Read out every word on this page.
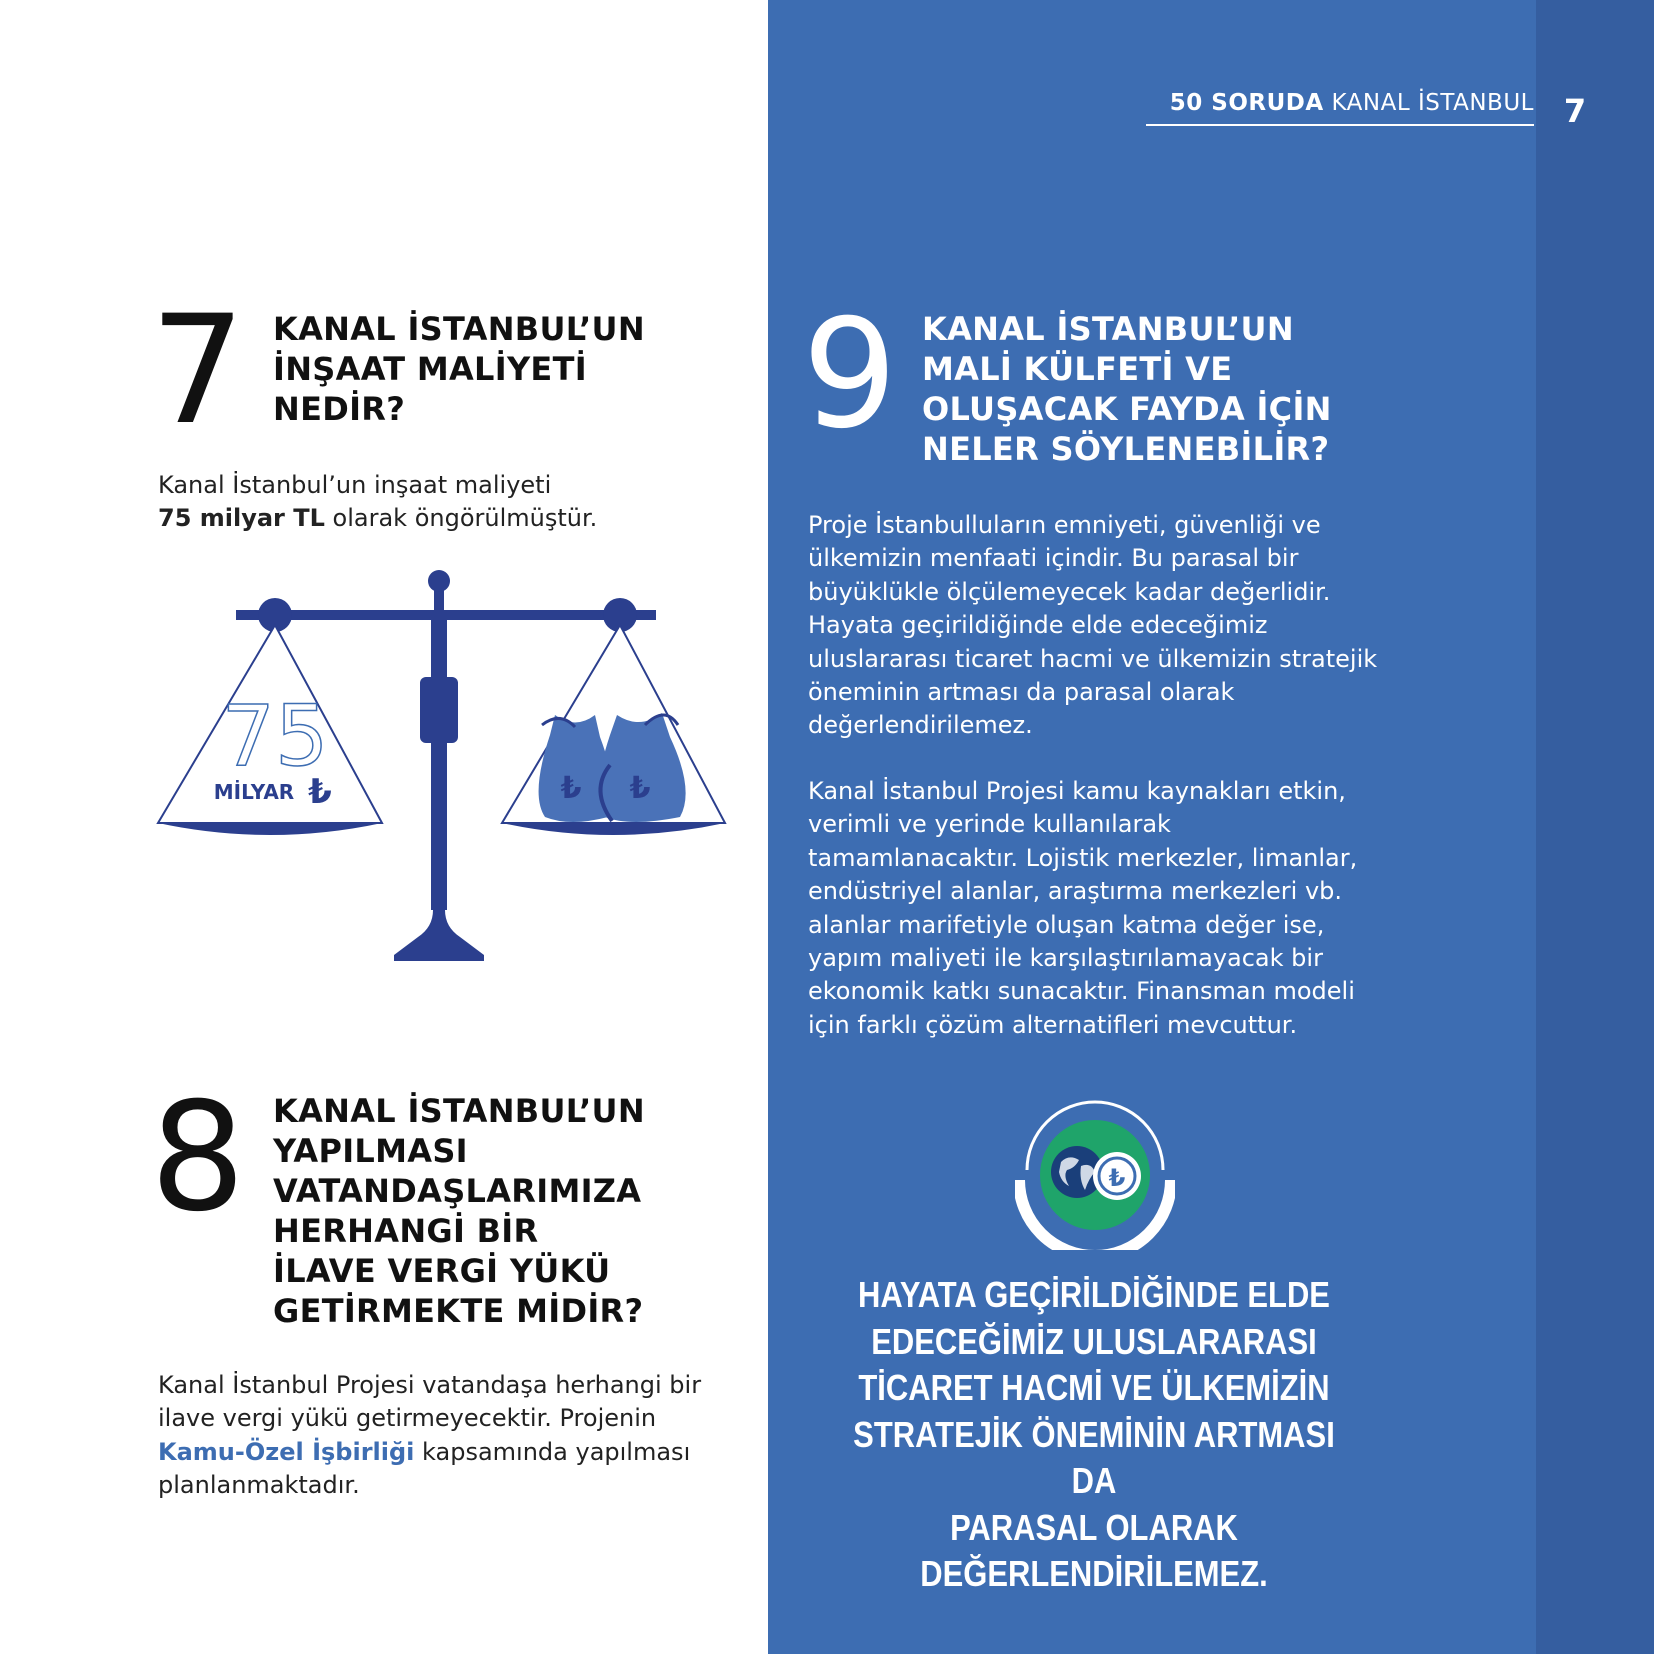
50 SORUDA KANAL İSTANBUL 7
7 KANAL İSTANBUL’UN
İNŞAAT MALİYETİ
NEDİR?
Kanal İstanbul’un inşaat maliyeti
75 milyar TL olarak öngörülmüştür.
75
MİLYAR ₺	₺ ₺
8 KANAL İSTANBUL’UN
YAPILMASI
VATANDAŞLARIMIZA
HERHANGİ BİR
İLAVE VERGİ YÜKÜ
GETİRMEKTE MİDİR?
Kanal İstanbul Projesi vatandaşa herhangi bir ilave vergi yükü getirmeyecektir. Projenin Kamu-Özel İşbirliği kapsamında yapılması planlanmaktadır.
9 KANAL İSTANBUL’UN
MALİ KÜLFETİ VE
OLUŞACAK FAYDA İÇİN
NELER SÖYLENEBİLİR?
Proje İstanbulluların emniyeti, güvenliği ve ülkemizin menfaati içindir. Bu parasal bir büyüklükle ölçülemeyecek kadar değerlidir. Hayata geçirildiğinde elde edeceğimiz uluslararası ticaret hacmi ve ülkemizin stratejik öneminin artması da parasal olarak değerlendirilemez.
Kanal İstanbul Projesi kamu kaynakları etkin, verimli ve yerinde kullanılarak tamamlanacaktır. Lojistik merkezler, limanlar, endüstriyel alanlar, araştırma merkezleri vb. alanlar marifetiyle oluşan katma değer ise, yapım maliyeti ile karşılaştırılamayacak bir ekonomik katkı sunacaktır. Finansman modeli için farklı çözüm alternatifleri mevcuttur.
₺
HAYATA GEÇİRİLDİĞİNDE ELDE
EDECEĞİMİZ ULUSLARARASI
TİCARET HACMİ VE ÜLKEMİZİN
STRATEJİK ÖNEMİNİN ARTMASI DA
PARASAL OLARAK DEĞERLENDİRİLEMEZ.
